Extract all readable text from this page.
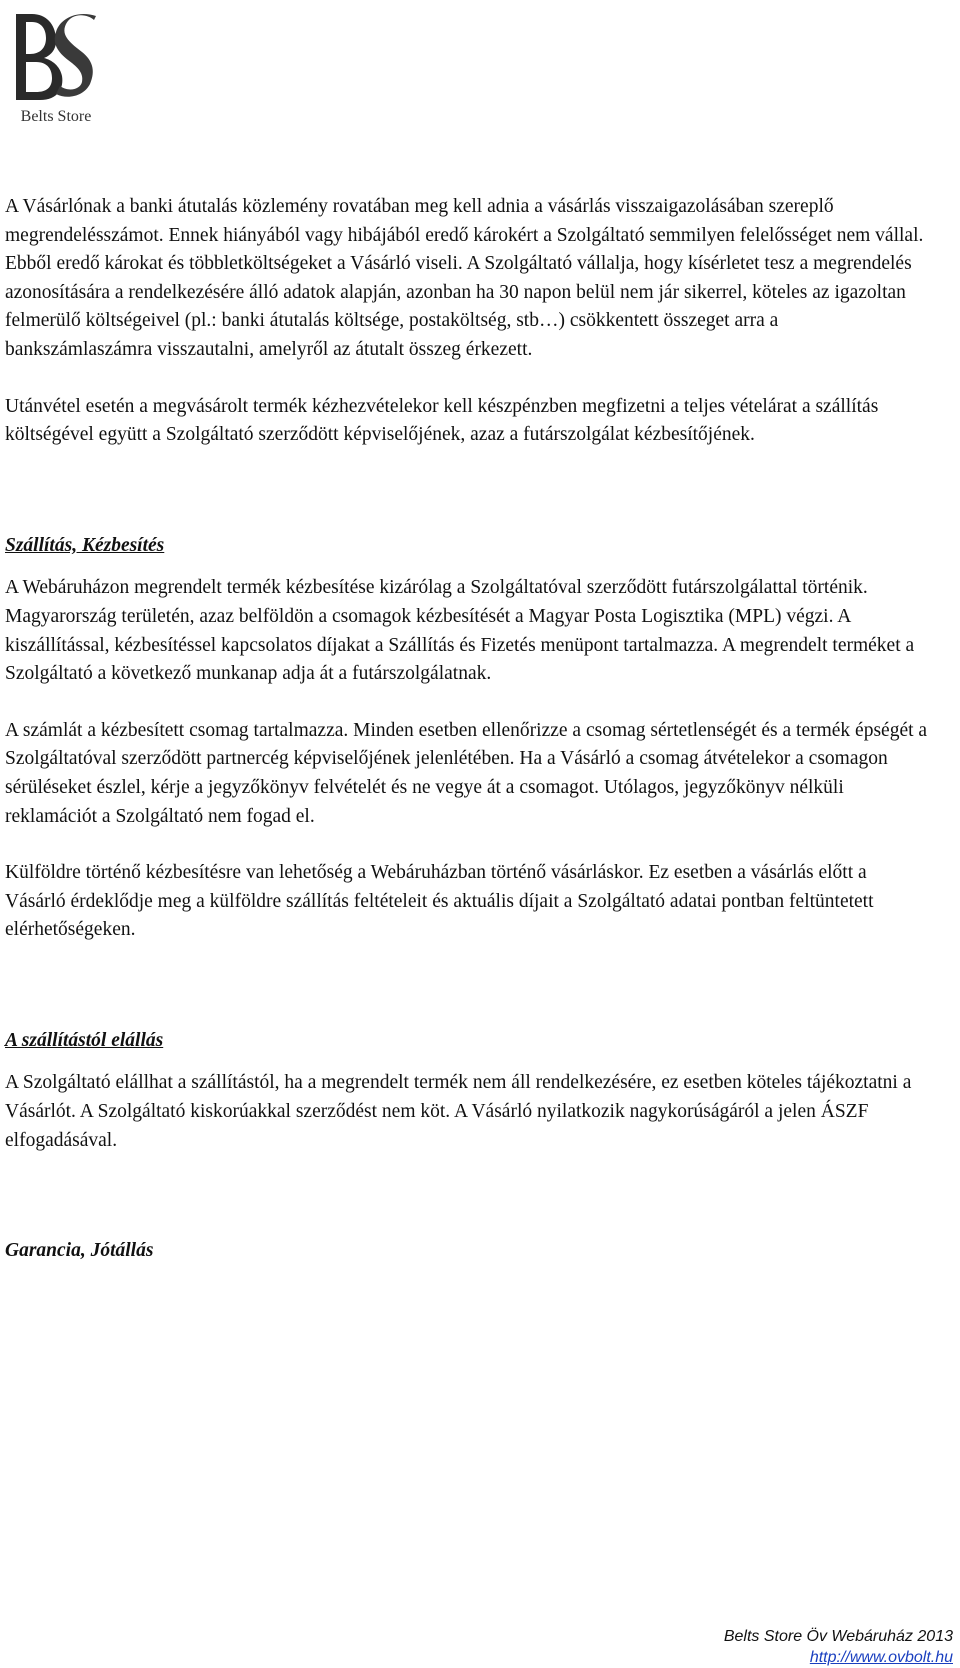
Belts Store

A Vásárlónak a banki átutalás közlemény rovatában meg kell adnia a vásárlás visszaigazolásában szereplő megrendelésszámot. Ennek hiányából vagy hibájából eredő károkért a Szolgáltató semmilyen felelősséget nem vállal. Ebből eredő károkat és többletköltségeket a Vásárló viseli. A Szolgáltató vállalja, hogy kísérletet tesz a megrendelés azonosítására a rendelkezésére álló adatok alapján, azonban ha 30 napon belül nem jár sikerrel, köteles az igazoltan felmerülő költségeivel (pl.: banki átutalás költsége, postaköltség, stb…) csökkentett összeget arra a bankszámlaszámra visszautalni, amelyről az átutalt összeg érkezett.

Utánvétel esetén a megvásárolt termék kézhezvételekor kell készpénzben megfizetni a teljes vételárat a szállítás költségével együtt a Szolgáltató szerződött képviselőjének, azaz a futárszolgálat kézbesítőjének.

Szállítás, Kézbesítés

A Webáruházon megrendelt termék kézbesítése kizárólag a Szolgáltatóval szerződött futárszolgálattal történik. Magyarország területén, azaz belföldön a csomagok kézbesítését a Magyar Posta Logisztika (MPL) végzi. A kiszállítással, kézbesítéssel kapcsolatos díjakat a Szállítás és Fizetés menüpont tartalmazza. A megrendelt terméket a Szolgáltató a következő munkanap adja át a futárszolgálatnak.

A számlát a kézbesített csomag tartalmazza. Minden esetben ellenőrizze a csomag sértetlenségét és a termék épségét a Szolgáltatóval szerződött partnercég képviselőjének jelenlétében. Ha a Vásárló a csomag átvételekor a csomagon sérüléseket észlel, kérje a jegyzőkönyv felvételét és ne vegye át a csomagot. Utólagos, jegyzőkönyv nélküli reklamációt a Szolgáltató nem fogad el.

Külföldre történő kézbesítésre van lehetőség a Webáruházban történő vásárláskor. Ez esetben a vásárlás előtt a Vásárló érdeklődje meg a külföldre szállítás feltételeit és aktuális díjait a Szolgáltató adatai pontban feltüntetett elérhetőségeken.

A szállítástól elállás

A Szolgáltató elállhat a szállítástól, ha a megrendelt termék nem áll rendelkezésére, ez esetben köteles tájékoztatni a Vásárlót. A Szolgáltató kiskorúakkal szerződést nem köt. A Vásárló nyilatkozik nagykorúságáról a jelen ÁSZF elfogadásával.

Garancia, Jótállás

Belts Store Öv Webáruház 2013
http://www.ovbolt.hu
